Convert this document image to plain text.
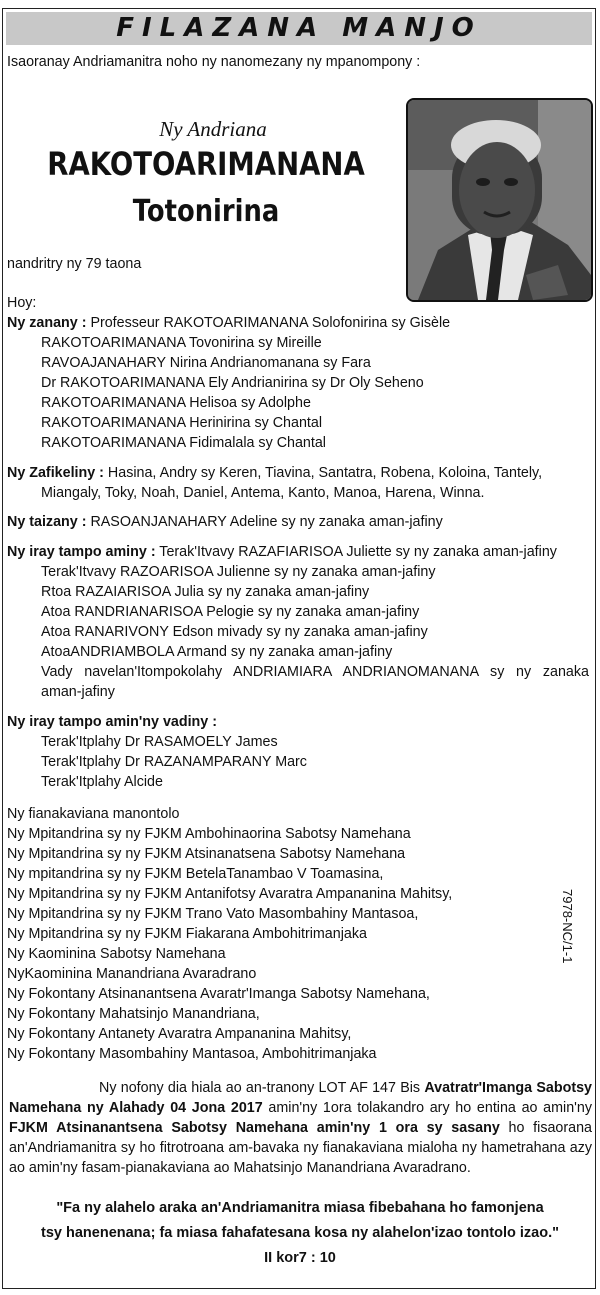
FILAZANA MANJO
Isaoranay Andriamanitra noho ny nanomezany ny mpanompony :
Ny Andriana
RAKOTOARIMANANA
Totonirina
nandritry ny 79 taona
Hoy:
Ny zanany : Professeur RAKOTOARIMANANA Solofonirina sy Gisèle
RAKOTOARIMANANA Tovonirina sy Mireille
RAVOAJANAHARY Nirina Andrianomanana sy Fara
Dr RAKOTOARIMANANA Ely Andrianirina sy Dr Oly Seheno
RAKOTOARIMANANA Helisoa sy Adolphe
RAKOTOARIMANANA Herinirina sy Chantal
RAKOTOARIMANANA Fidimalala sy Chantal
Ny Zafikeliny : Hasina, Andry sy Keren, Tiavina, Santatra, Robena, Koloina, Tantely,
Miangaly, Toky, Noah, Daniel, Antema, Kanto, Manoa, Harena, Winna.
Ny taizany : RASOANJANAHARY Adeline sy ny zanaka aman-jafiny
Ny iray tampo aminy : Terak'Itvavy RAZAFIARISOA Juliette sy ny zanaka aman-jafiny
Terak'Itvavy RAZOARISOA Julienne sy ny zanaka aman-jafiny
Rtoa RAZAIARISOA Julia sy ny zanaka aman-jafiny
Atoa RANDRIANARISOA Pelogie sy ny zanaka aman-jafiny
Atoa RANARIVONY Edson mivady sy ny zanaka aman-jafiny
AtoaANDRIAMBOLA Armand sy ny zanaka aman-jafiny
Vady navelan'Itompokolahy ANDRIAMIARA ANDRIANOMANANA sy ny zanaka
aman-jafiny
Ny iray tampo amin'ny vadiny :
Terak'Itplahy Dr RASAMOELY James
Terak'Itplahy Dr RAZANAMPARANY Marc
Terak'Itplahy Alcide
Ny fianakaviana manontolo
Ny Mpitandrina sy ny FJKM Ambohinaorina Sabotsy Namehana
Ny Mpitandrina sy ny FJKM Atsinanatsena Sabotsy Namehana
Ny mpitandrina sy ny FJKM BetelaTanambao V Toamasina,
Ny Mpitandrina sy ny FJKM Antanifotsy Avaratra Ampananina Mahitsy,
Ny Mpitandrina sy ny FJKM Trano Vato Masombahiny Mantasoa,
Ny Mpitandrina sy ny FJKM Fiakarana Ambohitrimanjaka
Ny Kaominina Sabotsy Namehana
NyKaominina Manandriana Avaradrano
Ny Fokontany Atsinanantsena Avaratr'Imanga Sabotsy Namehana,
Ny Fokontany Mahatsinjo Manandriana,
Ny Fokontany Antanety Avaratra Ampananina Mahitsy,
Ny Fokontany Masombahiny Mantasoa, Ambohitrimanjaka
7978-NC/1-1
Ny nofony dia hiala ao an-tranony LOT AF 147 Bis Avatratr'Imanga Sabotsy Namehana ny Alahady 04 Jona 2017 amin'ny 1ora tolakandro ary ho entina ao amin'ny FJKM Atsinanantsena Sabotsy Namehana amin'ny 1 ora sy sasany ho fisaorana an'Andriamanitra sy ho fitrotroana am-bavaka ny fianakaviana mialoha ny hametrahana azy ao amin'ny fasam-pianakaviana ao Mahatsinjo Manandriana Avaradrano.
"Fa ny alahelo araka an'Andriamanitra miasa fibebahana ho famonjena
tsy hanenenana; fa miasa fahafatesana kosa ny alahelon'izao tontolo izao."
II kor7 : 10
